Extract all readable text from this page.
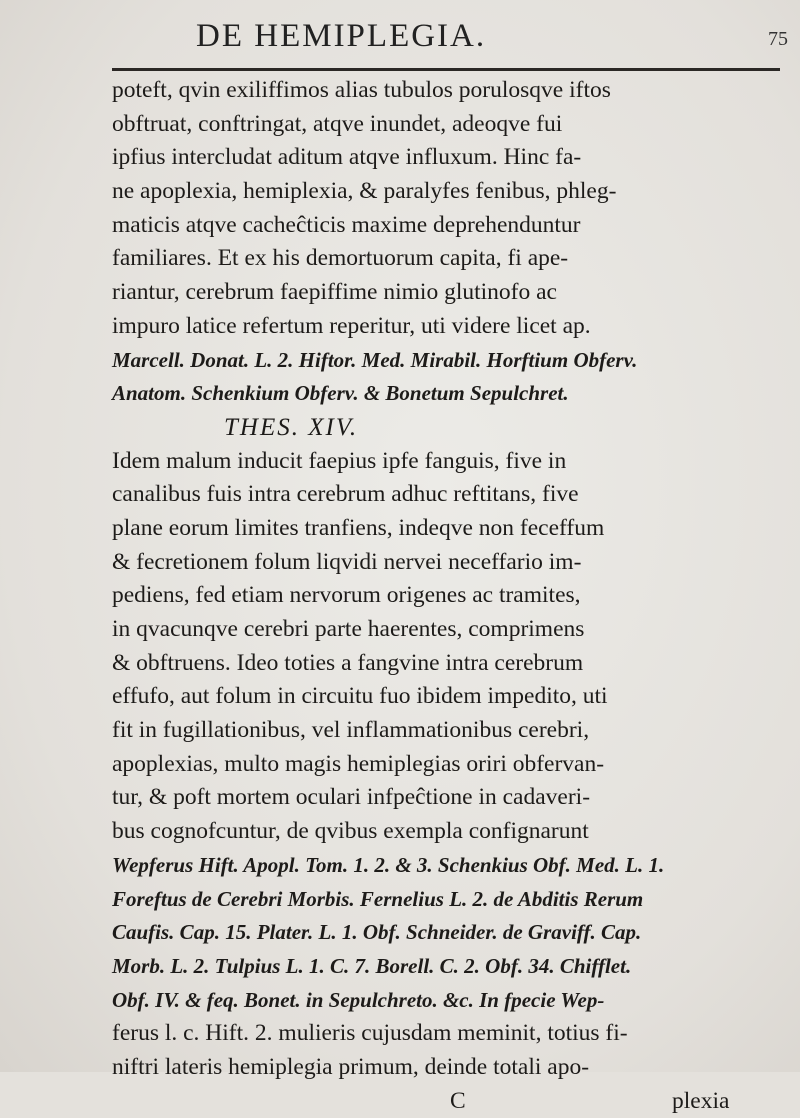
DE HEMIPLEGIA.	75
poteft, qvin exiliffimos alias tubulos porulosqve iftos
obftruat, conftringat, atqve inundet, adeoqve fui
ipfius intercludat aditum atqve influxum. Hinc fa-
ne apoplexia, hemiplexia, & paralyfes fenibus, phleg-
maticis atqve cacheĉticis maxime deprehenduntur
familiares. Et ex his demortuorum capita, fi ape-
riantur, cerebrum faepiffime nimio glutinofo ac
impuro latice refertum reperitur, uti videre licet ap.
Marcell. Donat. L. 2. Hiftor. Med. Mirabil. Horftium Obferv.
Anatom. Schenkium Obferv. & Bonetum Sepulchret.
THES. XIV.
Idem malum inducit faepius ipfe fanguis, five in
canalibus fuis intra cerebrum adhuc reftitans, five
plane eorum limites tranfiens, indeqve non feceffum
& fecretionem folum liqvidi nervei neceffario im-
pediens, fed etiam nervorum origenes ac tramites,
in qvacunqve cerebri parte haerentes, comprimens
& obftruens. Ideo toties a fangvine intra cerebrum
effufo, aut folum in circuitu fuo ibidem impedito, uti
fit in fugillationibus, vel inflammationibus cerebri,
apoplexias, multo magis hemiplegias oriri obfervan-
tur, & poft mortem oculari infpeĉtione in cadaveri-
bus cognofcuntur, de qvibus exempla confignarunt
Wepferus Hift. Apopl. Tom. 1. 2. & 3. Schenkius Obf. Med. L. 1.
Foreftus de Cerebri Morbis. Fernelius L. 2. de Abditis Rerum
Caufis. Cap. 15. Plater. L. 1. Obf. Schneider. de Graviff. Cap.
Morb. L. 2. Tulpius L. 1. C. 7. Borell. C. 2. Obf. 34. Chifflet.
Obf. IV. & feq. Bonet. in Sepulchreto. &c. In fpecie Wep-
ferus l. c. Hift. 2. mulieris cujusdam meminit, totius fi-
niftri lateris hemiplegia primum, deinde totali apo-
C	plexia
